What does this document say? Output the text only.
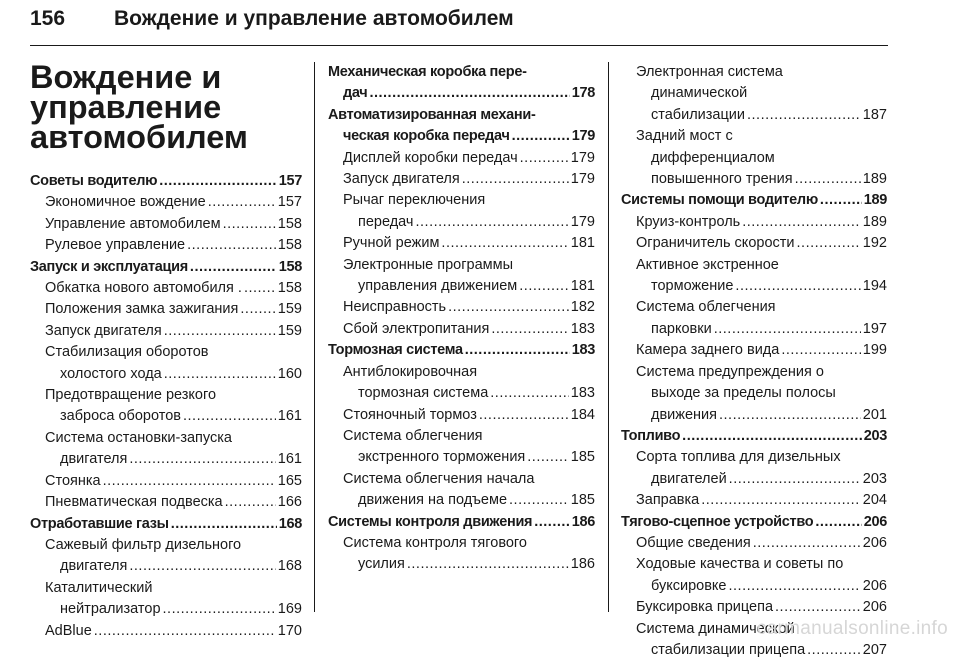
156	Вождение и управление автомобилем
Вождение и
управление
автомобилем
Советы водителю .....	157
Экономичное вождение .....	157
Управление автомобилем .....	158
Рулевое управление .....	158
Запуск и эксплуатация .....	158
Обкатка нового автомобиля . ..... 158
Положения замка зажигания .....	159
Запуск двигателя .....	159
Стабилизация оборотов
холостого хода .....	160
Предотвращение резкого
заброса оборотов .....	161
Система остановки-запуска
двигателя .....	161
Стоянка .....	165
Пневматическая подвеска .....	166
Отработавшие газы .....	168
Сажевый фильтр дизельного
двигателя .....	168
Каталитический
нейтрализатор .....	169
AdBlue .....	170
Механическая коробка пере-
дач .....	178
Автоматизированная механи-
ческая коробка передач .....	179
Дисплей коробки передач .....	179
Запуск двигателя .....	179
Рычаг переключения
передач .....	179
Ручной режим .....	181
Электронные программы
управления движением .....	181
Неисправность .....	182
Сбой электропитания .....	183
Тормозная система .....	183
Антиблокировочная
тормозная система .....	183
Стояночный тормоз .....	184
Система облегчения
экстренного торможения .....	185
Система облегчения начала
движения на подъеме .....	185
Системы контроля движения .....	186
Система контроля тягового
усилия .....	186
Электронная система
динамической
стабилизации .....	187
Задний мост с
дифференциалом
повышенного трения .....	189
Системы помощи водителю .....	189
Круиз-контроль .....	189
Ограничитель скорости .....	192
Активное экстренное
торможение .....	194
Система облегчения
парковки .....	197
Камера заднего вида .....	199
Система предупреждения о
выходе за пределы полосы
движения .....	201
Топливо .....	203
Сорта топлива для дизельных
двигателей .....	203
Заправка .....	204
Тягово-сцепное устройство .....	206
Общие сведения .....	206
Ходовые качества и советы по
буксировке .....	206
Буксировка прицепа .....	206
Система динамической
стабилизации прицепа .....	207
carmanualsonline.info
